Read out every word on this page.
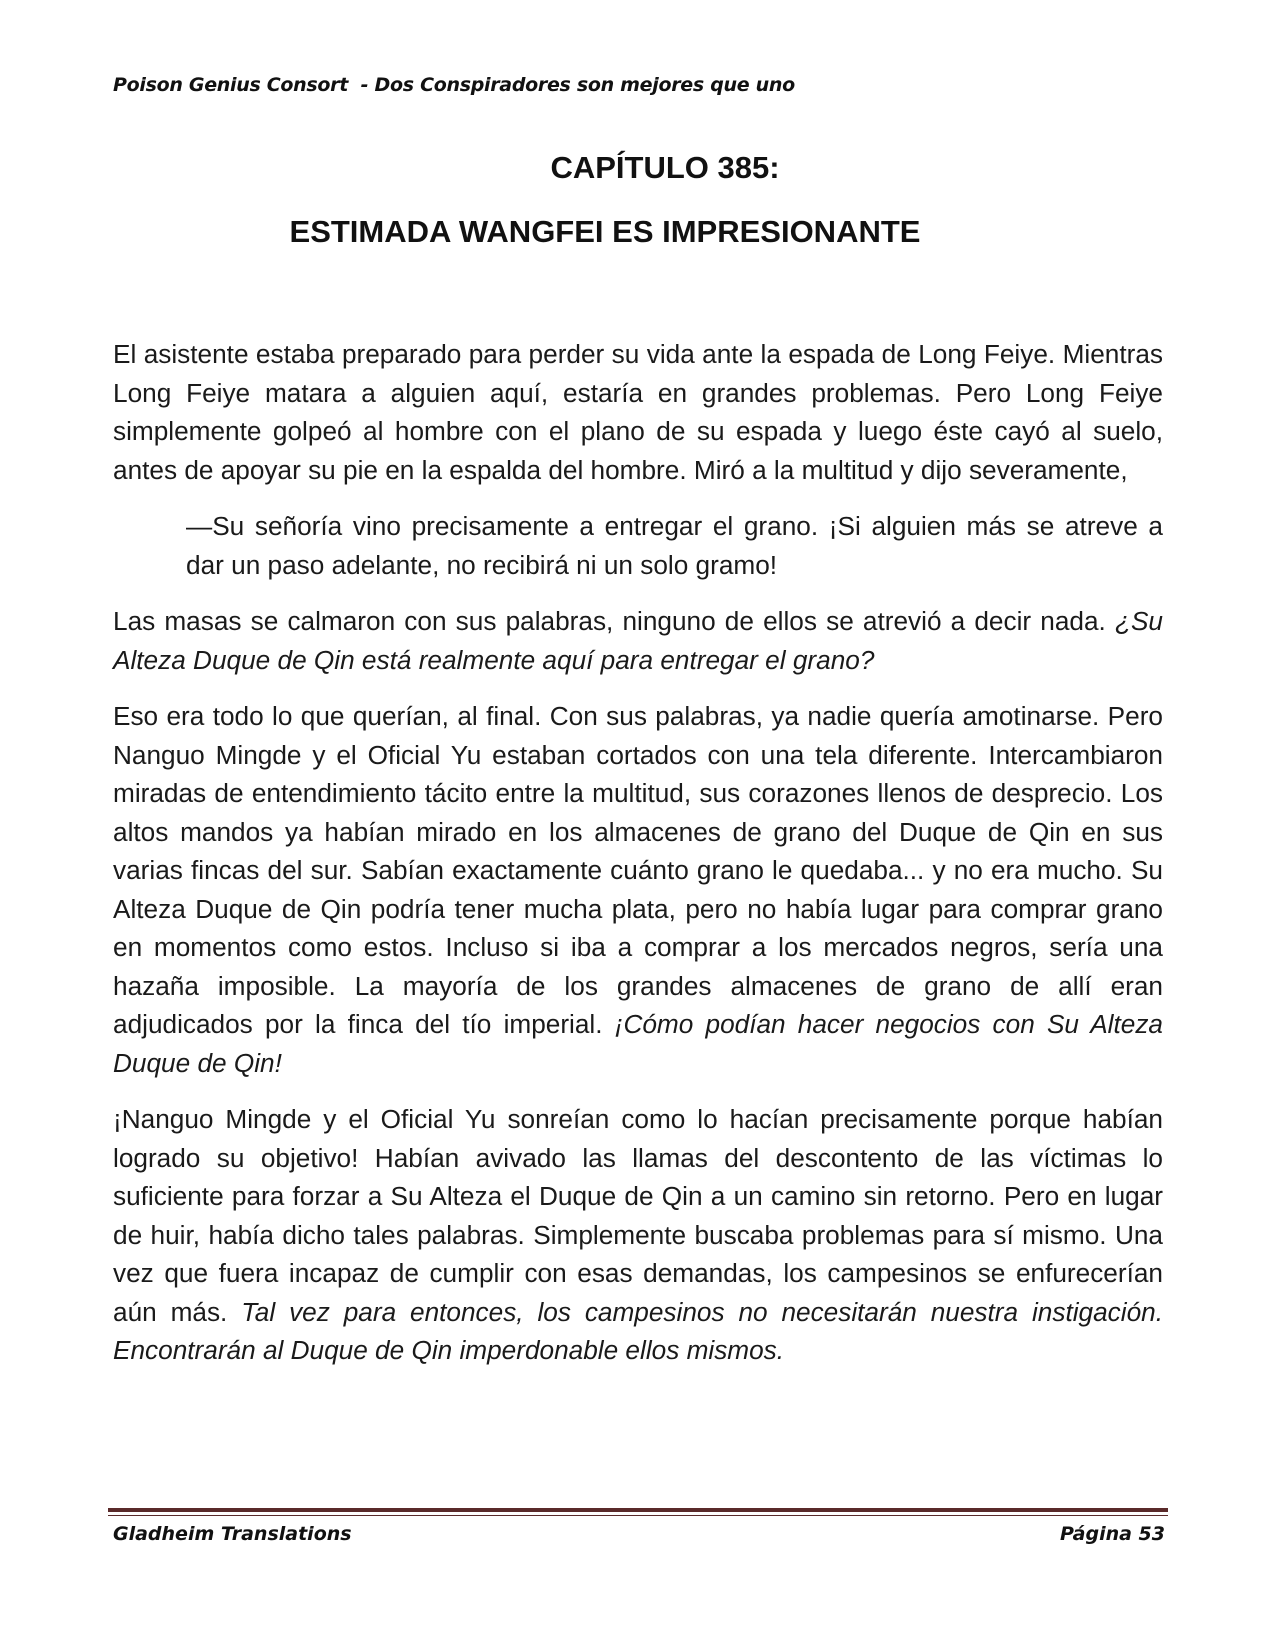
Poison Genius Consort  - Dos Conspiradores son mejores que uno
CAPÍTULO 385:
ESTIMADA WANGFEI ES IMPRESIONANTE

El asistente estaba preparado para perder su vida ante la espada de Long Feiye. Mientras Long Feiye matara a alguien aquí, estaría en grandes problemas. Pero Long Feiye simplemente golpeó al hombre con el plano de su espada y luego éste cayó al suelo, antes de apoyar su pie en la espalda del hombre. Miró a la multitud y dijo severamente,

—Su señoría vino precisamente a entregar el grano. ¡Si alguien más se atreve a dar un paso adelante, no recibirá ni un solo gramo!

Las masas se calmaron con sus palabras, ninguno de ellos se atrevió a decir nada. ¿Su Alteza Duque de Qin está realmente aquí para entregar el grano?

Eso era todo lo que querían, al final. Con sus palabras, ya nadie quería amotinarse. Pero Nanguo Mingde y el Oficial Yu estaban cortados con una tela diferente. Intercambiaron miradas de entendimiento tácito entre la multitud, sus corazones llenos de desprecio. Los altos mandos ya habían mirado en los almacenes de grano del Duque de Qin en sus varias fincas del sur. Sabían exactamente cuánto grano le quedaba... y no era mucho. Su Alteza Duque de Qin podría tener mucha plata, pero no había lugar para comprar grano en momentos como estos. Incluso si iba a comprar a los mercados negros, sería una hazaña imposible. La mayoría de los grandes almacenes de grano de allí eran adjudicados por la finca del tío imperial. ¡Cómo podían hacer negocios con Su Alteza Duque de Qin!

¡Nanguo Mingde y el Oficial Yu sonreían como lo hacían precisamente porque habían logrado su objetivo! Habían avivado las llamas del descontento de las víctimas lo suficiente para forzar a Su Alteza el Duque de Qin a un camino sin retorno. Pero en lugar de huir, había dicho tales palabras. Simplemente buscaba problemas para sí mismo. Una vez que fuera incapaz de cumplir con esas demandas, los campesinos se enfurecerían aún más. Tal vez para entonces, los campesinos no necesitarán nuestra instigación. Encontrarán al Duque de Qin imperdonable ellos mismos.

Gladheim Translations	Página 53
